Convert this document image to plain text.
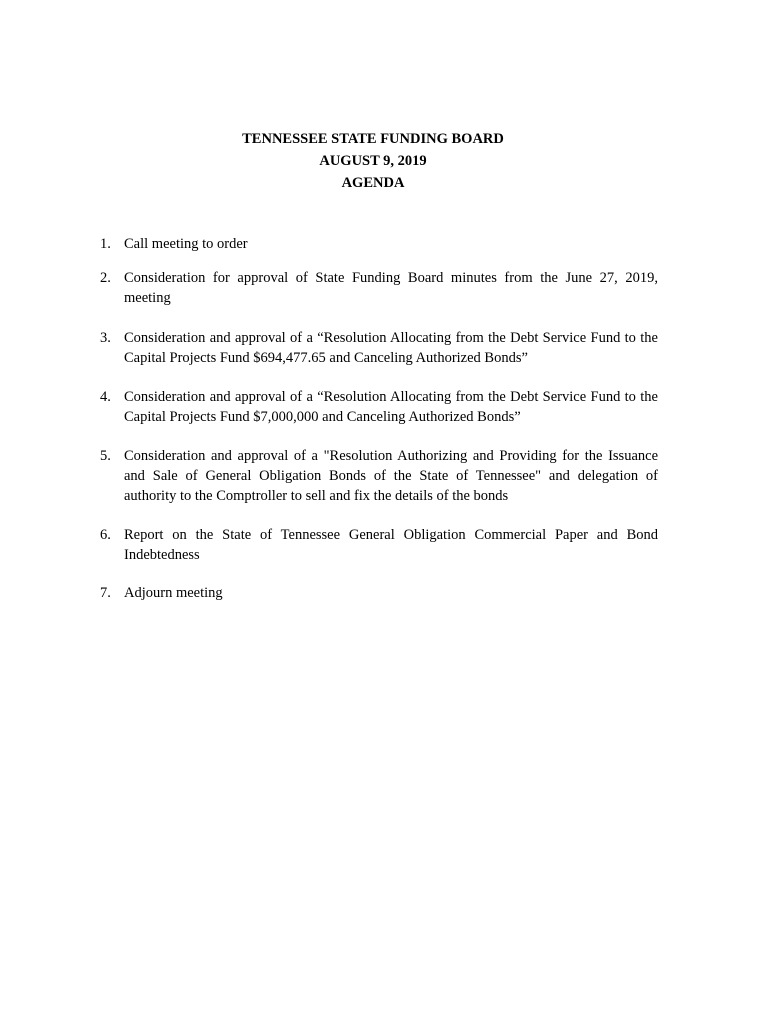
TENNESSEE STATE FUNDING BOARD
AUGUST 9, 2019
AGENDA
1. Call meeting to order
2. Consideration for approval of State Funding Board minutes from the June 27, 2019, meeting
3. Consideration and approval of a “Resolution Allocating from the Debt Service Fund to the Capital Projects Fund $694,477.65 and Canceling Authorized Bonds”
4. Consideration and approval of a “Resolution Allocating from the Debt Service Fund to the Capital Projects Fund $7,000,000 and Canceling Authorized Bonds”
5. Consideration and approval of a "Resolution Authorizing and Providing for the Issuance and Sale of General Obligation Bonds of the State of Tennessee" and delegation of authority to the Comptroller to sell and fix the details of the bonds
6. Report on the State of Tennessee General Obligation Commercial Paper and Bond Indebtedness
7. Adjourn meeting
